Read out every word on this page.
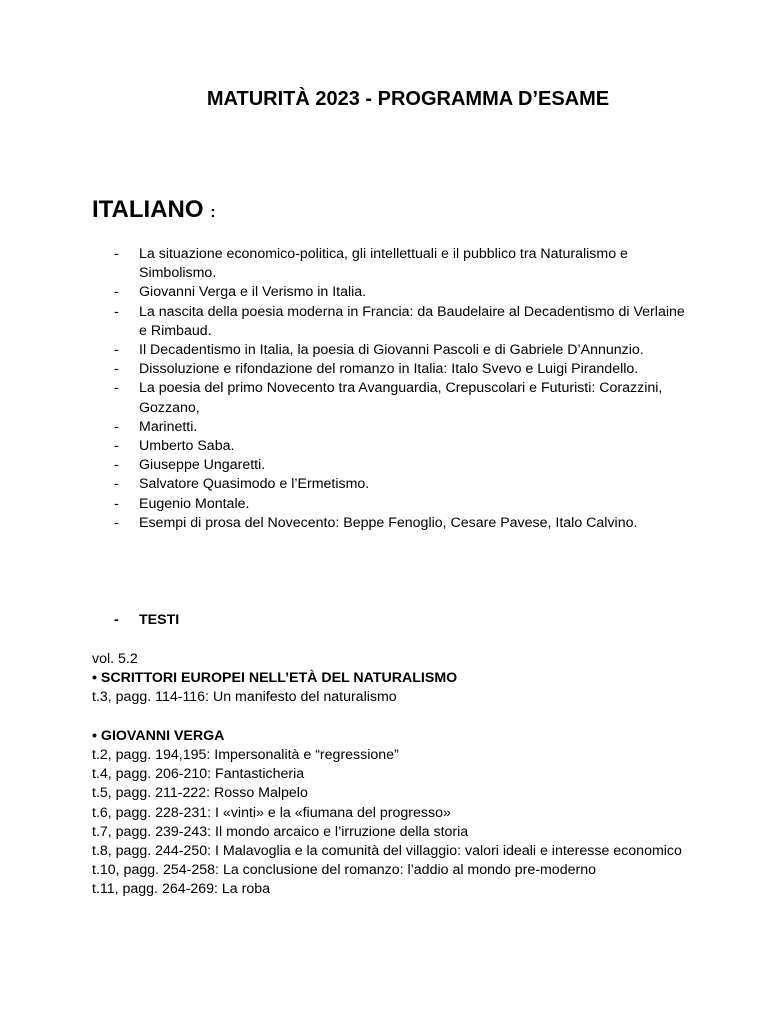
MATURITÀ 2023 - PROGRAMMA D’ESAME
ITALIANO :
- La situazione economico-politica, gli intellettuali e il pubblico tra Naturalismo e Simbolismo.
- Giovanni Verga e il Verismo in Italia.
- La nascita della poesia moderna in Francia: da Baudelaire al Decadentismo di Verlaine e Rimbaud.
- Il Decadentismo in Italia, la poesia di Giovanni Pascoli e di Gabriele D’Annunzio.
- Dissoluzione e rifondazione del romanzo in Italia: Italo Svevo e Luigi Pirandello.
- La poesia del primo Novecento tra Avanguardia, Crepuscolari e Futuristi: Corazzini, Gozzano,
- Marinetti.
- Umberto Saba.
- Giuseppe Ungaretti.
- Salvatore Quasimodo e l’Ermetismo.
- Eugenio Montale.
- Esempi di prosa del Novecento: Beppe Fenoglio, Cesare Pavese, Italo Calvino.
- TESTI

vol. 5.2

• SCRITTORI EUROPEI NELL’ETÀ DEL NATURALISMO

t.3, pagg. 114-116: Un manifesto del naturalismo

• GIOVANNI VERGA

t.2, pagg. 194,195: Impersonalità e “regressione”

t.4, pagg. 206-210: Fantasticheria

t.5, pagg. 211-222: Rosso Malpelo

t.6, pagg. 228-231: I «vinti» e la «fiumana del progresso»

t.7, pagg. 239-243: Il mondo arcaico e l’irruzione della storia

t.8, pagg. 244-250: I Malavoglia e la comunità del villaggio: valori ideali e interesse economico

t.10, pagg. 254-258: La conclusione del romanzo: l’addio al mondo pre-moderno

t.11, pagg. 264-269: La roba
